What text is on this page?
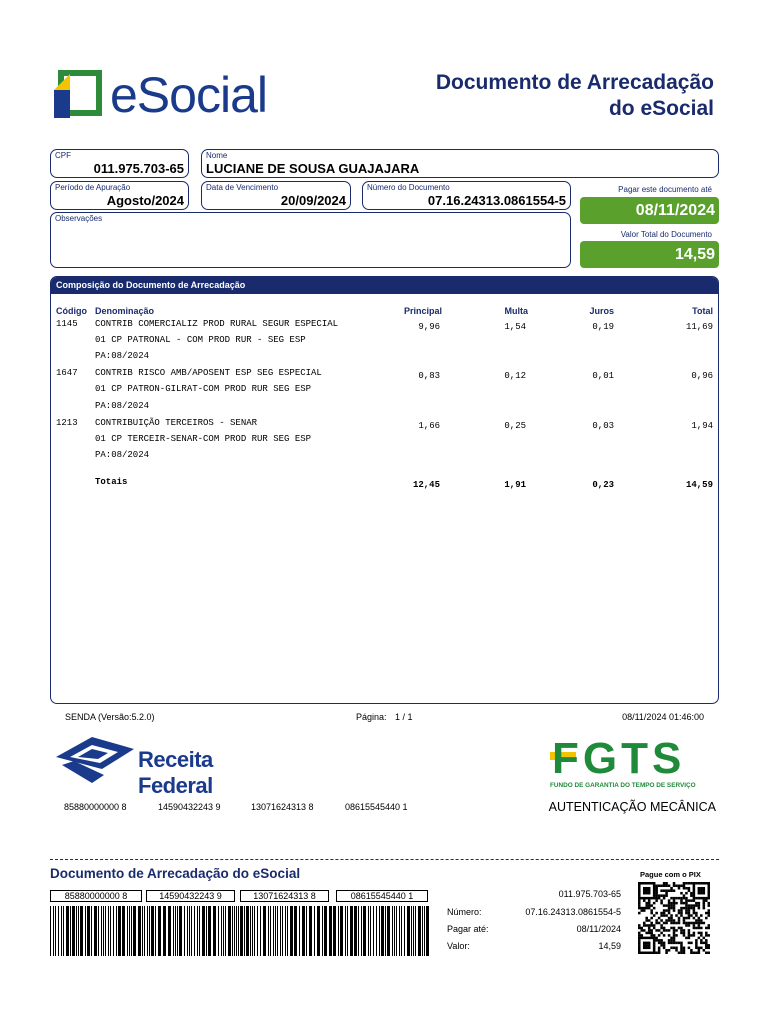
eSocial	Documento de Arrecadação
do eSocial
CPF
011.975.703-65
Nome
LUCIANE DE SOUSA GUAJAJARA
Período de Apuração
Agosto/2024
Data de Vencimento
20/09/2024
Número do Documento
07.16.24313.0861554-5
Pagar este documento até
08/11/2024
Observações
Valor Total do Documento
14,59
Composição do Documento de Arrecadação
Código Denominação	Principal	Multa	Juros	Total
1145 CONTRIB COMERCIALIZ PROD RURAL SEGUR ESPECIAL
01 CP PATRONAL - COM PROD RUR - SEG ESP
PA:08/2024
9,96	1,54	0,19	11,69
1647 CONTRIB RISCO AMB/APOSENT ESP SEG ESPECIAL
01 CP PATRON-GILRAT-COM PROD RUR SEG ESP
PA:08/2024
0,83	0,12	0,01	0,96
1213 CONTRIBUIÇÃO TERCEIROS - SENAR
01 CP TERCEIR-SENAR-COM PROD RUR SEG ESP
PA:08/2024
1,66	0,25	0,03	1,94
Totais	12,45	1,91	0,23	14,59
SENDA (Versão:5.2.0)	Página: 1 / 1	08/11/2024 01:46:00
Receita Federal
FGTS
FUNDO DE GARANTIA DO TEMPO DE SERVIÇO
85880000000 8	14590432243 9	13071624313 8	08615545440 1	AUTENTICAÇÃO MECÂNICA
Documento de Arrecadação do eSocial	Pague com o PIX
85880000000 8	14590432243 9	13071624313 8	08615545440 1	011.975.703-65
Número:	07.16.24313.0861554-5
Pagar até:	08/11/2024
Valor:	14,59
